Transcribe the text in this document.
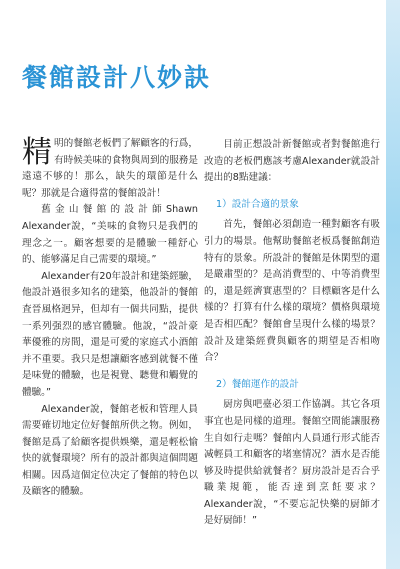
餐館設計八妙訣

精明的餐館老板們了解顧客的行爲，有時候美味的食物與周到的服務是遠遠不够的！那么，缺失的環節是什么呢？那就是合適得當的餐館設計！

舊金山餐館的設計師Shawn Alexander說，“美味的食物只是我們的理念之一。顧客想要的是體驗一種舒心的、能够滿足自己需要的環境。”

Alexander有20年設計和建築經驗，他設計過很多知名的建築，他設計的餐館査晉風格迥异，但却有一個共同點，提供一系列强烈的感官體驗。他說，“設計豪華優雅的房間，還是可愛的家庭式小酒館并不重要。我只是想讓顧客感到就餐不僅是味覺的體驗，也是視覺、聽覺和觸覺的體驗。”

Alexander說，餐館老板和管理人員需要確切地定位好餐館所供之物。例如，餐館是爲了給顧客提供娛樂，還是輕松愉快的就餐環境？所有的設計都與這個問題相關。因爲這個定位决定了餐館的特色以及顧客的體驗。

目前正想設計新餐館或者對餐館進行改造的老板們應該考慮Alexander就設計提出的8點建議：

1）設計合適的景象

首先，餐館必須創造一種對顧客有吸引力的場景。他幫助餐館老板爲餐館創造特有的景象。所設計的餐館是休閑型的還是嚴肅型的？是高消費型的、中等消費型的，還是經濟實惠型的？目標顧客是什么樣的？打算有什么樣的環境？價格與環境是否相匹配？餐館會呈現什么樣的場景？設計及建築經費與顧客的期望是否相吻合？

2）餐館運作的設計

厨房與吧臺必須工作協調。其它各項事宜也是同樣的道理。餐館空間能讓服務生自如行走嗎？餐館内人員通行形式能否减輕員工和顧客的堵塞情况？酒水是否能够及時提供給就餐者？厨房設計是否合乎職業規範，能否達到烹飪要求？Alexander說，“不要忘記快樂的厨師才是好厨師！”
